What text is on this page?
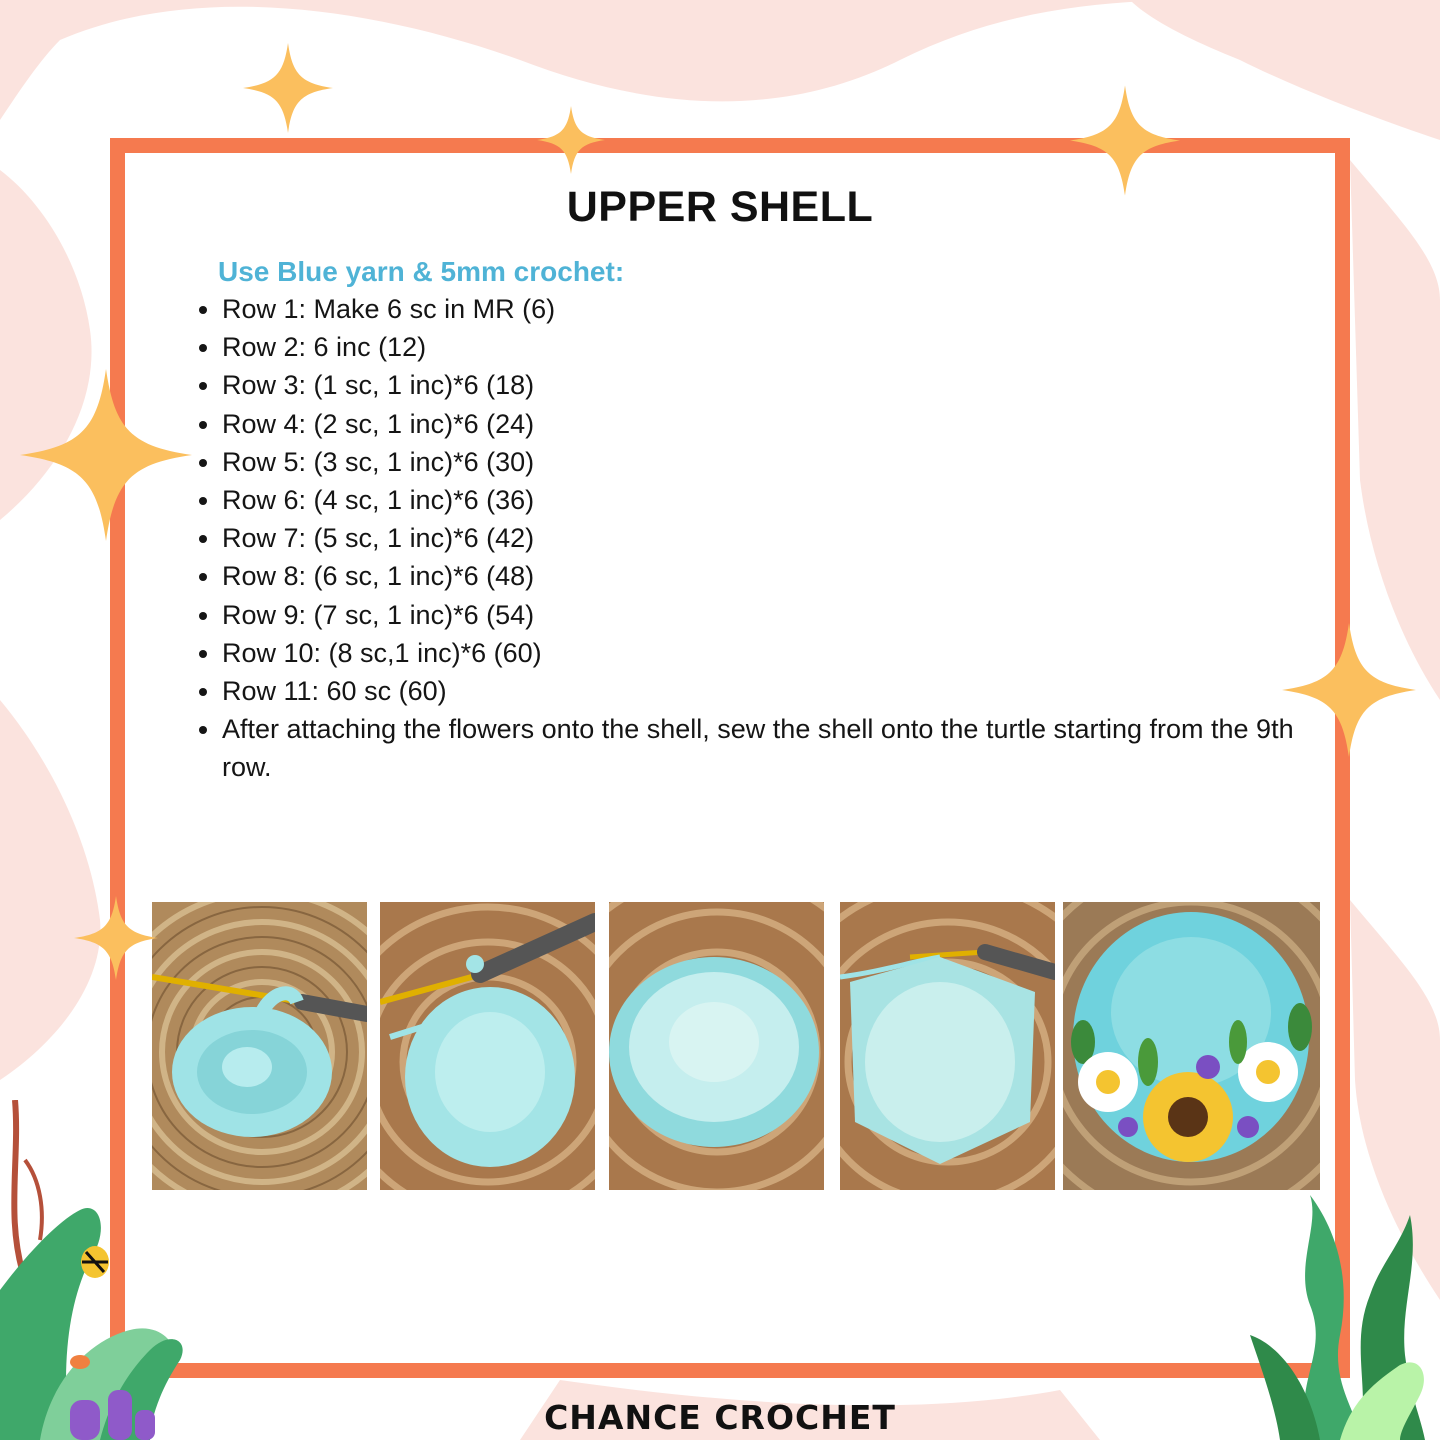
UPPER SHELL
Use Blue yarn & 5mm crochet:
• Row 1: Make 6 sc in MR (6)
• Row 2: 6 inc (12)
• Row 3: (1 sc, 1 inc)*6 (18)
• Row 4: (2 sc, 1 inc)*6 (24)
• Row 5: (3 sc, 1 inc)*6 (30)
• Row 6: (4 sc, 1 inc)*6 (36)
• Row 7: (5 sc, 1 inc)*6 (42)
• Row 8: (6 sc, 1 inc)*6 (48)
• Row 9: (7 sc, 1 inc)*6 (54)
• Row 10: (8 sc,1 inc)*6 (60)
• Row 11: 60 sc (60)
• After attaching the flowers onto the shell, sew the shell onto the turtle starting from the 9th row.
CHANCE CROCHET
